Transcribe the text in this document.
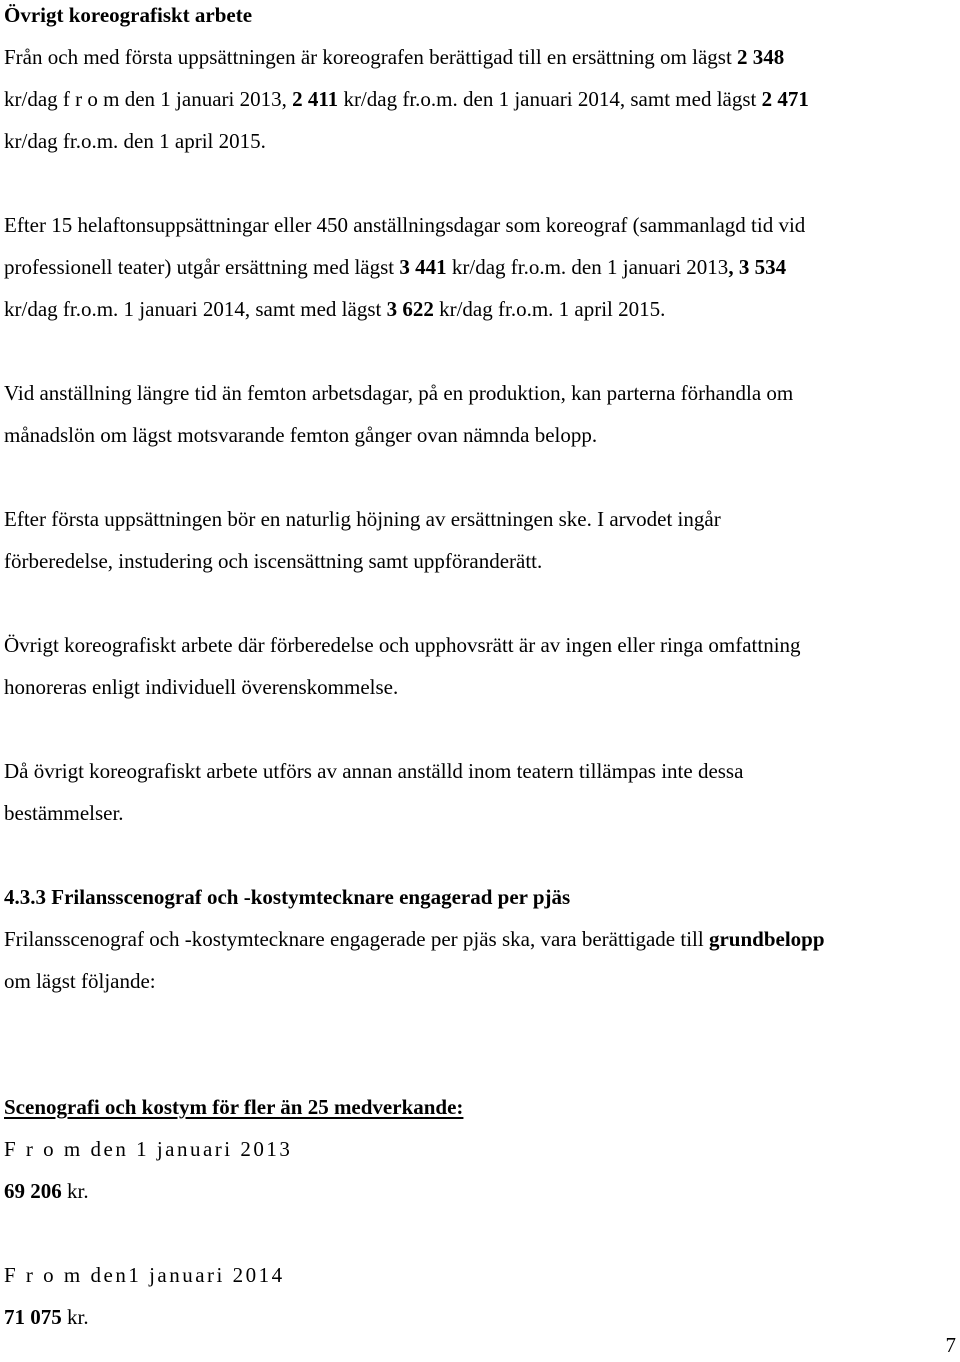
Övrigt koreografiskt arbete
Från och med första uppsättningen är koreografen berättigad till en ersättning om lägst 2 348
kr/dag f r o m den 1 januari 2013, 2 411 kr/dag fr.o.m. den 1 januari 2014, samt med lägst 2 471
kr/dag fr.o.m. den 1 april 2015.
Efter 15 helaftonsuppsättningar eller 450 anställningsdagar som koreograf (sammanlagd tid vid
professionell teater) utgår ersättning med lägst 3 441 kr/dag fr.o.m. den 1 januari 2013, 3 534
kr/dag fr.o.m. 1 januari 2014, samt med lägst 3 622 kr/dag fr.o.m. 1 april 2015.
Vid anställning längre tid än femton arbetsdagar, på en produktion, kan parterna förhandla om
månadslön om lägst motsvarande femton gånger ovan nämnda belopp.
Efter första uppsättningen bör en naturlig höjning av ersättningen ske. I arvodet ingår
förberedelse, instudering och iscensättning samt uppföranderätt.
Övrigt koreografiskt arbete där förberedelse och upphovsrätt är av ingen eller ringa omfattning
honoreras enligt individuell överenskommelse.
Då övrigt koreografiskt arbete utförs av annan anställd inom teatern tillämpas inte dessa
bestämmelser.
4.3.3 Frilansscenograf och -kostymtecknare engagerad per pjäs
Frilansscenograf och -kostymtecknare engagerade per pjäs ska, vara berättigade till grundbelopp
om lägst följande:
Scenografi och kostym för fler än 25 medverkande:
F r o m den 1 januari 2013
69 206 kr.
F r o m den1 januari 2014
71 075 kr.
7
